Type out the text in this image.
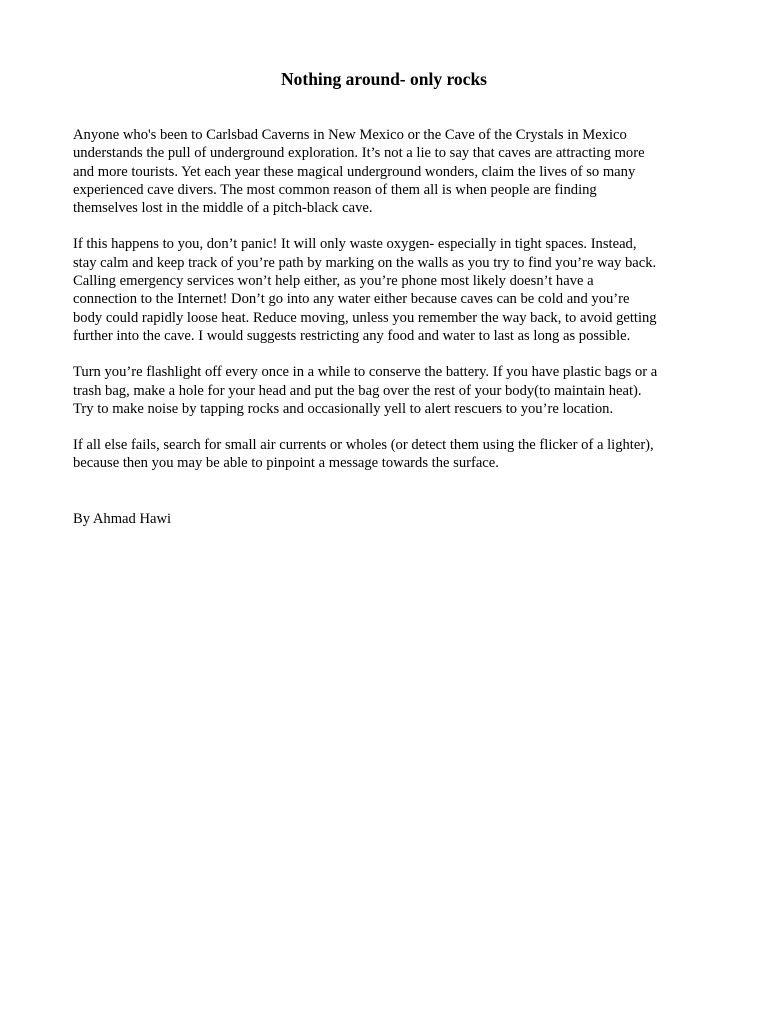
Nothing around- only rocks

Anyone who's been to Carlsbad Caverns in New Mexico or the Cave of the Crystals in Mexico
understands the pull of underground exploration. It’s not a lie to say that caves are attracting more
and more tourists. Yet each year these magical underground wonders, claim the lives of so many
experienced cave divers. The most common reason of them all is when people are finding
themselves lost in the middle of a pitch-black cave.

If this happens to you, don’t panic! It will only waste oxygen- especially in tight spaces. Instead,
stay calm and keep track of you’re path by marking on the walls as you try to find you’re way back.
Calling emergency services won’t help either, as you’re phone most likely doesn’t have a
connection to the Internet! Don’t go into any water either because caves can be cold and you’re
body could rapidly loose heat. Reduce moving, unless you remember the way back, to avoid getting
further into the cave. I would suggests restricting any food and water to last as long as possible.

Turn you’re flashlight off every once in a while to conserve the battery. If you have plastic bags or a
trash bag, make a hole for your head and put the bag over the rest of your body(to maintain heat).
Try to make noise by tapping rocks and occasionally yell to alert rescuers to you’re location.

If all else fails, search for small air currents or wholes (or detect them using the flicker of a lighter),
because then you may be able to pinpoint a message towards the surface.

By Ahmad Hawi
